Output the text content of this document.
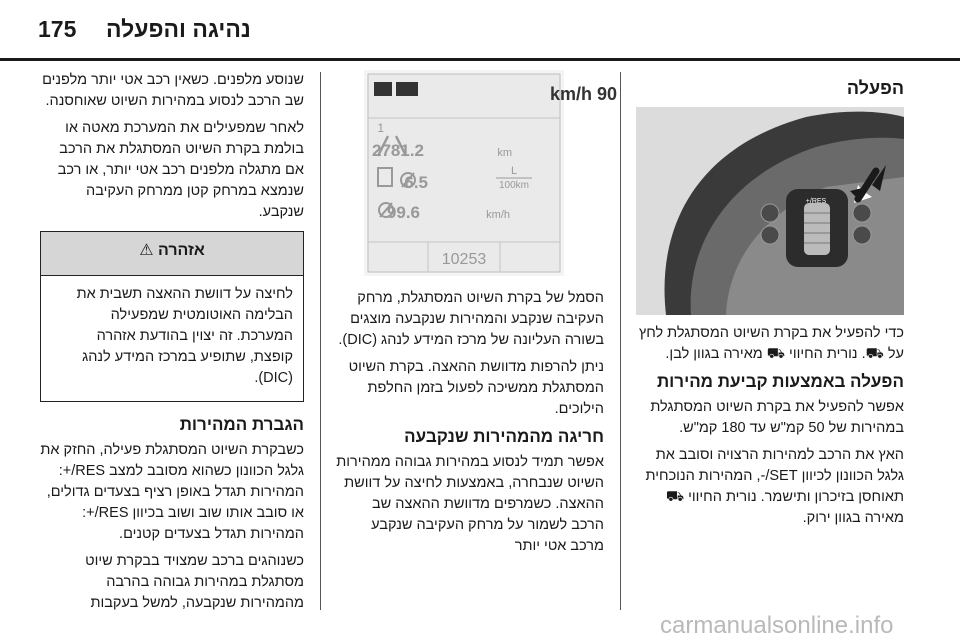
175 נהיגה והפעלה
הפעלה
RES/+

כדי להפעיל את בקרת השיוט המסתגלת לחץ על ⛟. נורית החיווי ⛟ מאירה בגוון לבן.

הפעלה באמצעות קביעת מהירות

אפשר להפעיל את בקרת השיוט המסתגלת במהירות של 50 קמ"ש עד 180 קמ"ש.

האץ את הרכב למהירות הרצויה וסובב את גלגל הכוונון לכיוון SET/-, המהירות הנוכחית תאוחסן בזיכרון ותישמר. נורית החיווי ⛟ מאירה בגוון ירוק.

90 km/h
1
2781.2	km
6.5
L
100km
99.6	km/h
10253

הסמל של בקרת השיוט המסתגלת, מרחק העקיבה שנקבע והמהירות שנקבעה מוצגים בשורה העליונה של מרכז המידע לנהג (DIC).

ניתן להרפות מדוושת ההאצה. בקרת השיוט המסתגלת ממשיכה לפעול בזמן החלפת הילוכים.

חריגה מהמהירות שנקבעה

אפשר תמיד לנסוע במהירות גבוהה ממהירות השיוט שנבחרה, באמצעות לחיצה על דוושת ההאצה. כשמרפים מדוושת ההאצה שב הרכב לשמור על מרחק העקיבה שנקבע מרכב אטי יותר

שנוסע מלפנים. כשאין רכב אטי יותר מלפנים שב הרכב לנסוע במהירות השיוט שאוחסנה.

לאחר שמפעילים את המערכת מאטה או בולמת בקרת השיוט המסתגלת את הרכב אם מתגלה מלפנים רכב אטי יותר, או רכב שנמצא במרחק קטן ממרחק העקיבה שנקבע.

אזהרה ⚠

לחיצה על דוושת ההאצה תשבית את הבלימה האוטומטית שמפעילה המערכת. זה יצוין בהודעת אזהרה קופצת, שתופיע במרכז המידע לנהג (DIC).

הגברת המהירות

כשבקרת השיוט המסתגלת פעילה, החזק את גלגל הכוונון כשהוא מסובב למצב RES/+: המהירות תגדל באופן רציף בצעדים גדולים, או סובב אותו שוב ושוב בכיוון RES/+: המהירות תגדל בצעדים קטנים.

כשנוהגים ברכב שמצויד בבקרת שיוט מסתגלת במהירות גבוהה בהרבה מהמהירות שנקבעה, למשל בעקבות

carmanualsonline.info
